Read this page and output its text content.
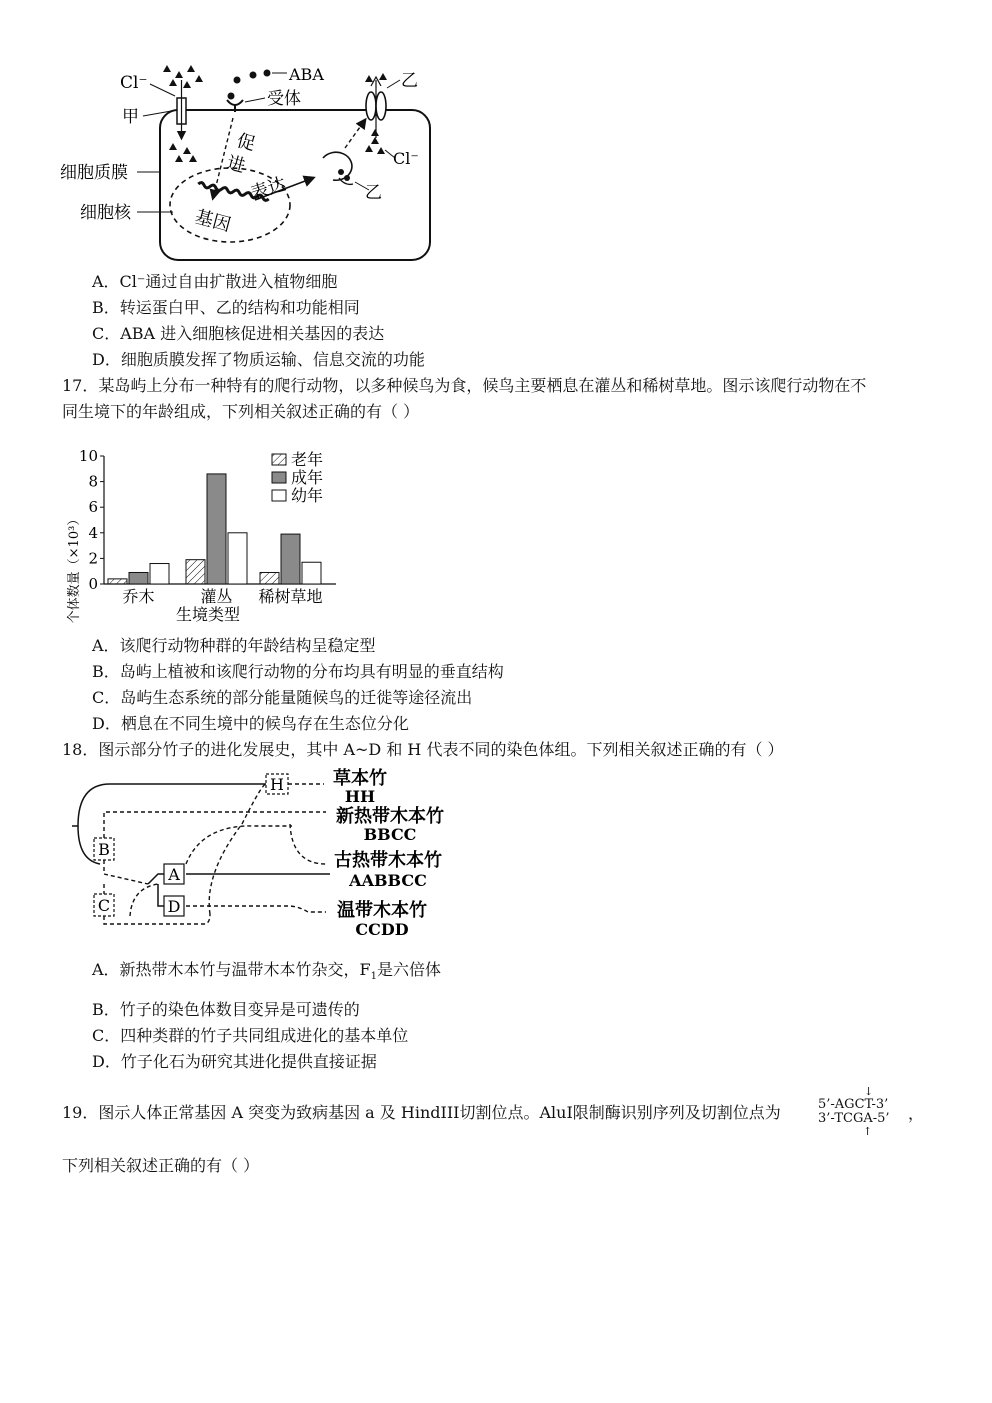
Cl⁻
甲
细胞质膜
细胞核
ABA
受体
促
进
表达
基因
乙
乙
Cl⁻
A．Cl⁻通过自由扩散进入植物细胞
B．转运蛋白甲、乙的结构和功能相同
C．ABA 进入细胞核促进相关基因的表达
D．细胞质膜发挥了物质运输、信息交流的功能
17．某岛屿上分布一种特有的爬行动物，以多种候鸟为食，候鸟主要栖息在灌丛和稀树草地。图示该爬行动物在不
同生境下的年龄组成，下列相关叙述正确的有（ ）
个体数量（×10³） 0
2
4
6
8
10
乔木	灌丛 稀树草地
生境类型
老年
成年
幼年
A．该爬行动物种群的年龄结构呈稳定型
B．岛屿上植被和该爬行动物的分布均具有明显的垂直结构
C．岛屿生态系统的部分能量随候鸟的迁徙等途径流出
D．栖息在不同生境中的候鸟存在生态位分化
18．图示部分竹子的进化发展史，其中 A~D 和 H 代表不同的染色体组。下列相关叙述正确的有（ ）
H
B
A
C	D
草本竹
HH
新热带木本竹
BBCC
古热带木本竹
AABBCC
温带木本竹
CCDD
A．新热带木本竹与温带木本竹杂交，$F_1$是六倍体
B．竹子的染色体数目变异是可遗传的
C．四种类群的竹子共同组成进化的基本单位
D．竹子化石为研究其进化提供直接证据
19．图示人体正常基因 A 突变为致病基因 a 及 HindIII切割位点。AluI限制酶识别序列及切割位点为
↓
5’-AGCT-3’
3’-TCGA-5’
↑
，
下列相关叙述正确的有（ ）
